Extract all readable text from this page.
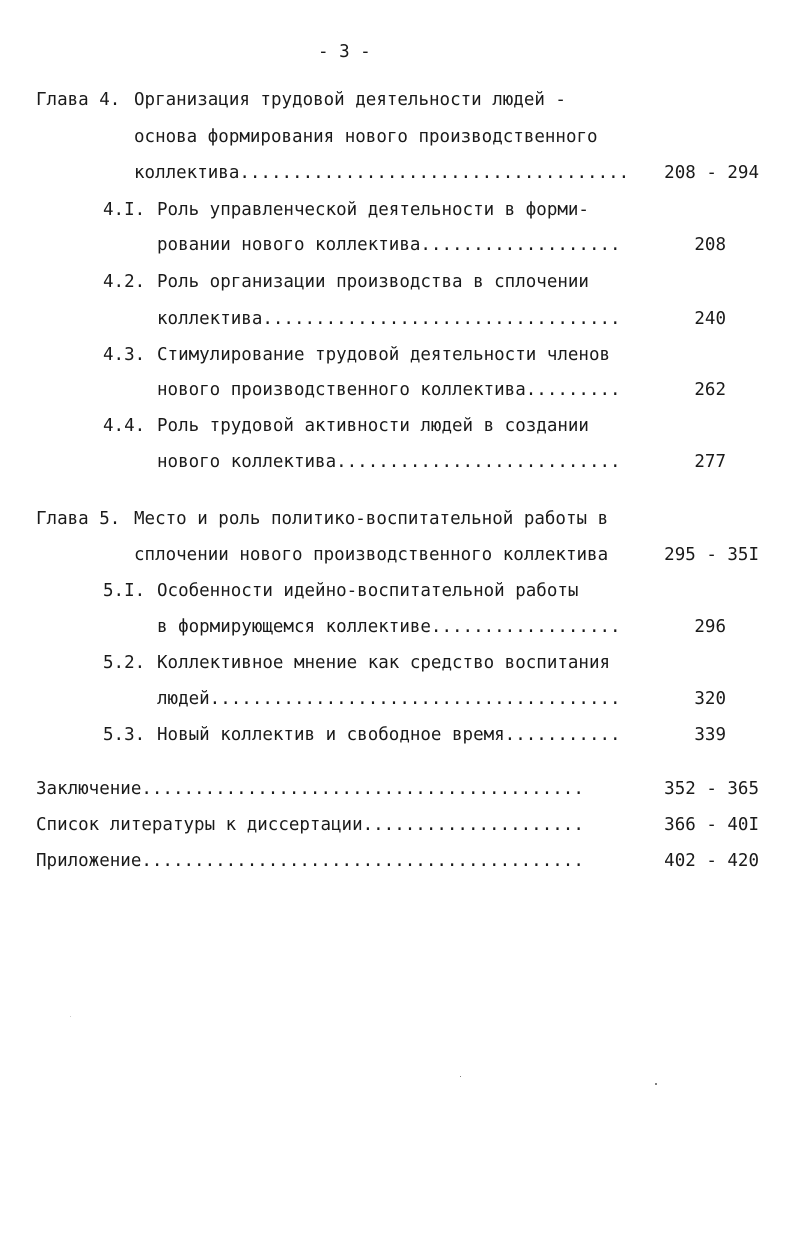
- 3 -
Глава 4. Организация трудовой деятельности людей -
основа формирования нового производственного
коллектива..................................... 208 - 294
4.I. Роль управленческой деятельности в форми-
ровании нового коллектива...................	208
4.2. Роль организации производства в сплочении
коллектива..................................	240
4.3. Стимулирование трудовой деятельности членов
нового производственного коллектива.........	262
4.4. Роль трудовой активности людей в создании
нового коллектива...........................	277
Глава 5. Место и роль политико-воспитательной работы в
сплочении нового производственного коллектива	295 - 35I
5.I. Особенности идейно-воспитательной работы
в формирующемся коллективе..................	296
5.2. Коллективное мнение как средство воспитания
людей.......................................	320
5.3. Новый коллектив и свободное время...........	339
Заключение..........................................	352 - 365
Список литературы к диссертации.....................	366 - 40I
Приложение..........................................	402 - 420
